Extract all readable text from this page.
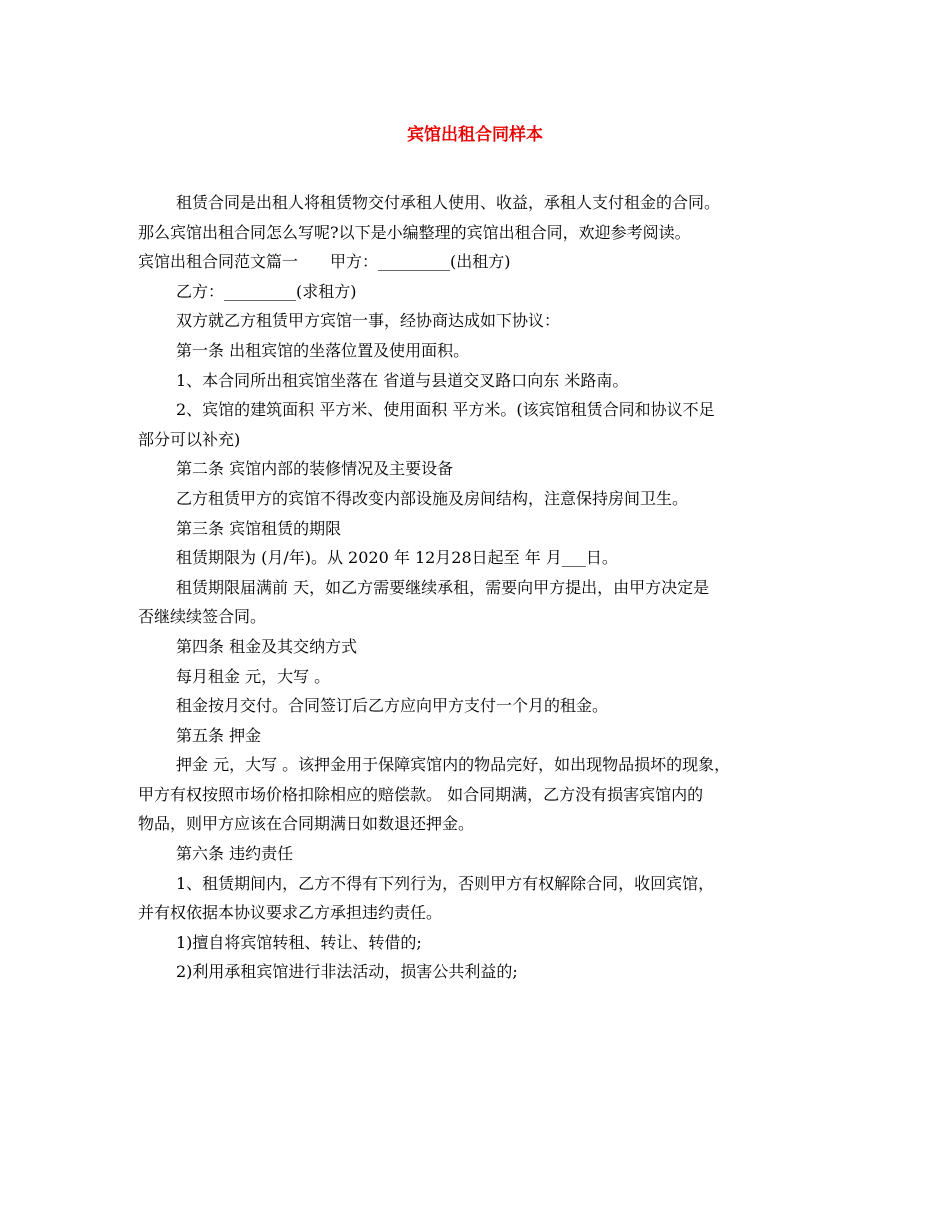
宾馆出租合同样本
租赁合同是出租人将租赁物交付承租人使用、收益，承租人支付租金的合同。
那么宾馆出租合同怎么写呢?以下是小编整理的宾馆出租合同，欢迎参考阅读。
宾馆出租合同范文篇一　　甲方：_________(出租方)
乙方：_________(求租方)
双方就乙方租赁甲方宾馆一事，经协商达成如下协议：
第一条 出租宾馆的坐落位置及使用面积。
1、本合同所出租宾馆坐落在 省道与县道交叉路口向东 米路南。
2、宾馆的建筑面积 平方米、使用面积 平方米。(该宾馆租赁合同和协议不足
部分可以补充)
第二条 宾馆内部的装修情况及主要设备
乙方租赁甲方的宾馆不得改变内部设施及房间结构，注意保持房间卫生。
第三条 宾馆租赁的期限
租赁期限为 (月/年)。从 2020 年 12月28日起至 年 月___日。
租赁期限届满前 天，如乙方需要继续承租，需要向甲方提出，由甲方决定是
否继续续签合同。
第四条 租金及其交纳方式
每月租金 元，大写 。
租金按月交付。合同签订后乙方应向甲方支付一个月的租金。
第五条 押金
押金 元，大写 。该押金用于保障宾馆内的物品完好，如出现物品损坏的现象，
甲方有权按照市场价格扣除相应的赔偿款。 如合同期满，乙方没有损害宾馆内的
物品，则甲方应该在合同期满日如数退还押金。
第六条 违约责任
1、租赁期间内，乙方不得有下列行为，否则甲方有权解除合同，收回宾馆，
并有权依据本协议要求乙方承担违约责任。
1)擅自将宾馆转租、转让、转借的;
2)利用承租宾馆进行非法活动，损害公共利益的;
